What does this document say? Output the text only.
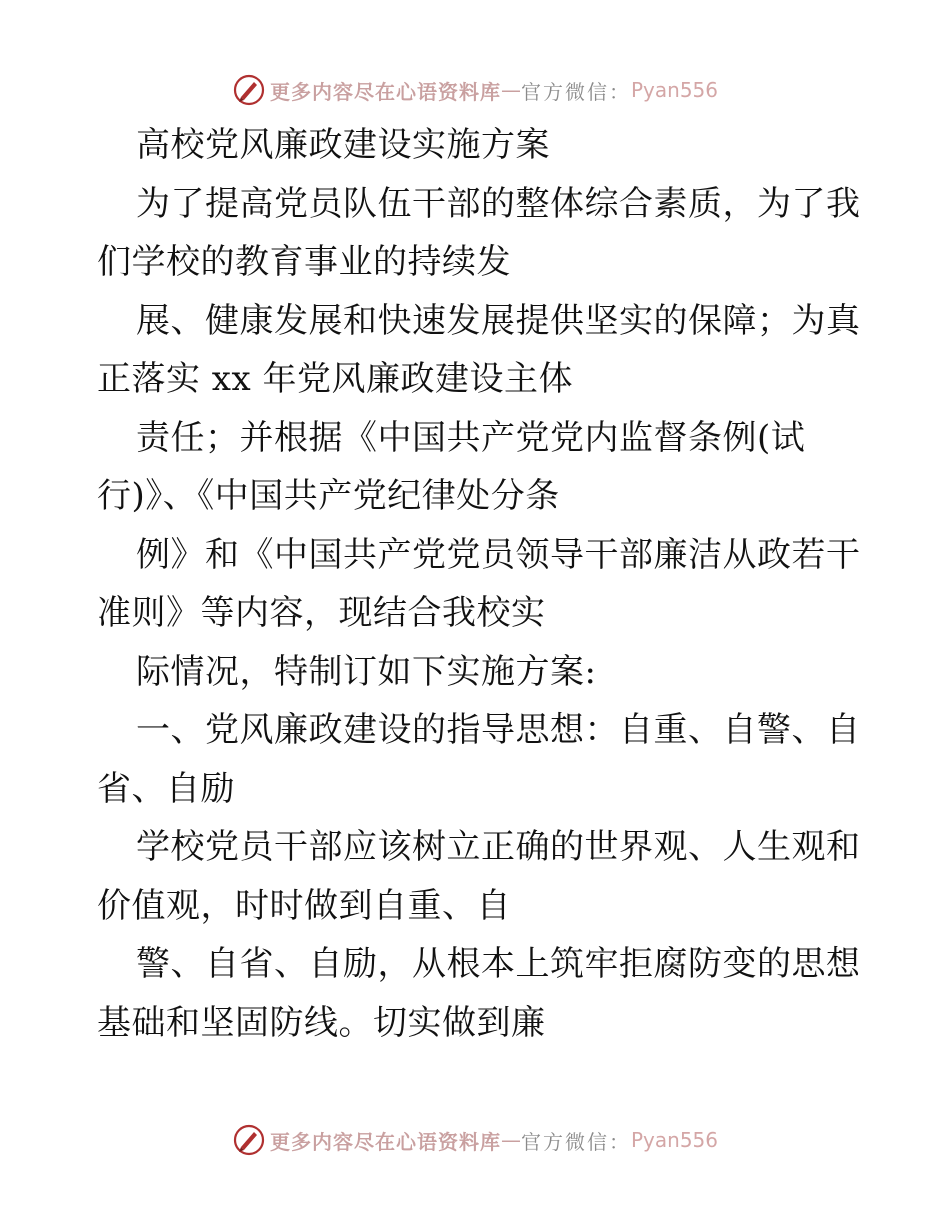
更多内容尽在心语资料库 — 官方微信： Pyan556
高校党风廉政建设实施方案
为了提高党员队伍干部的整体综合素质，为了我
们学校的教育事业的持续发
展、健康发展和快速发展提供坚实的保障；为真
正落实 xx 年党风廉政建设主体
责任；并根据《中国共产党党内监督条例(试
行)》、《中国共产党纪律处分条
例》和《中国共产党党员领导干部廉洁从政若干
准则》等内容，现结合我校实
际情况，特制订如下实施方案:
一、党风廉政建设的指导思想：自重、自警、自
省、自励
学校党员干部应该树立正确的世界观、人生观和
价值观，时时做到自重、自
警、自省、自励，从根本上筑牢拒腐防变的思想
基础和坚固防线。切实做到廉
更多内容尽在心语资料库 — 官方微信： Pyan556
